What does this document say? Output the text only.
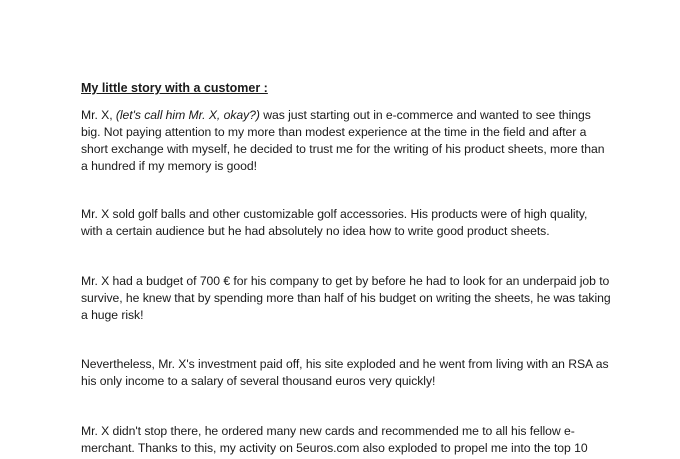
My little story with a customer :

Mr. X, (let's call him Mr. X, okay?) was just starting out in e-commerce and wanted to see things big. Not paying attention to my more than modest experience at the time in the field and after a short exchange with myself, he decided to trust me for the writing of his product sheets, more than a hundred if my memory is good!

Mr. X sold golf balls and other customizable golf accessories. His products were of high quality, with a certain audience but he had absolutely no idea how to write good product sheets.

Mr. X had a budget of 700 € for his company to get by before he had to look for an underpaid job to survive, he knew that by spending more than half of his budget on writing the sheets, he was taking a huge risk!

Nevertheless, Mr. X's investment paid off, his site exploded and he went from living with an RSA as his only income to a salary of several thousand euros very quickly!

Mr. X didn't stop there, he ordered many new cards and recommended me to all his fellow e-merchant. Thanks to this, my activity on 5euros.com also exploded to propel me into the top 10
